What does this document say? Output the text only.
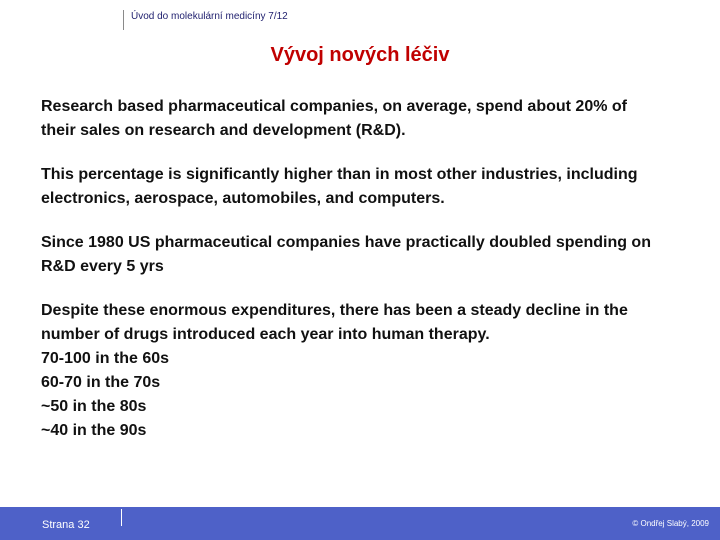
Úvod do molekulární medicíny 7/12
Vývoj nových léčiv

Research based pharmaceutical companies, on average, spend about 20% of their sales on research and development (R&D).

This percentage is significantly higher than in most other industries, including electronics, aerospace, automobiles, and computers.

Since 1980 US pharmaceutical companies have practically doubled spending on R&D every 5 yrs

Despite these enormous expenditures, there has been a steady decline in the number of drugs introduced each year into human therapy.
70-100 in the 60s
60-70 in the 70s
~50 in the 80s
~40 in the 90s
Strana 32	© Ondřej Slabý, 2009
